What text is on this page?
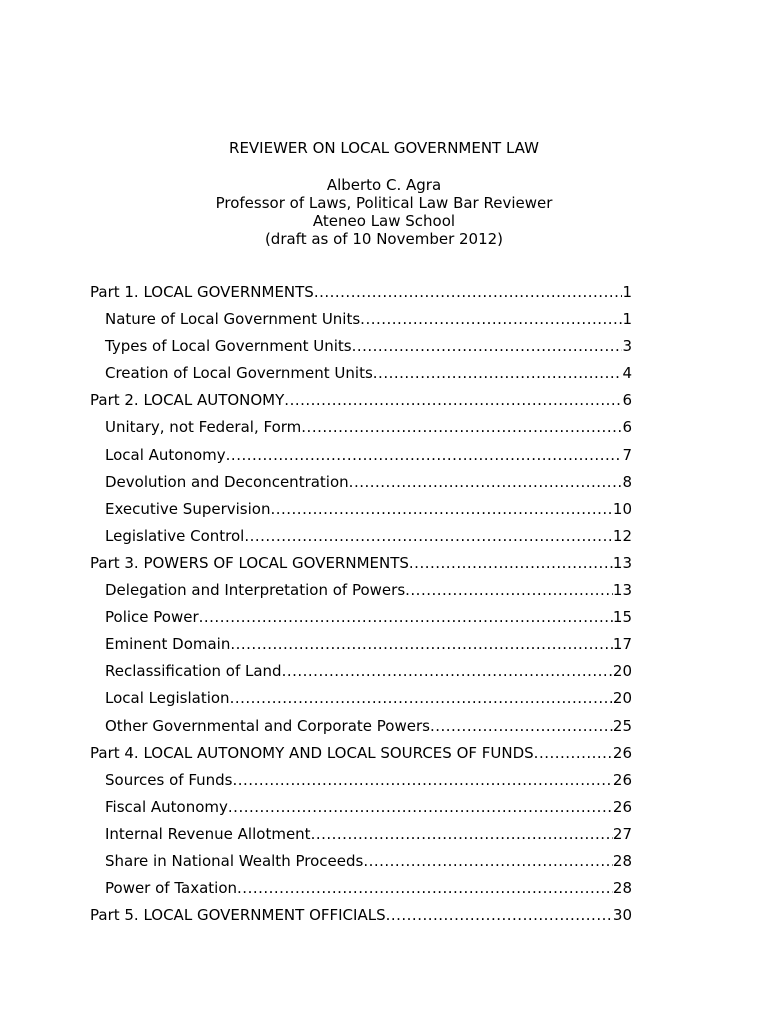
REVIEWER ON LOCAL GOVERNMENT LAW
Alberto C. Agra
Professor of Laws, Political Law Bar Reviewer
Ateneo Law School
(draft as of 10 November 2012)
Part 1. LOCAL GOVERNMENTS .....	1
Nature of Local Government Units .....	1
Types of Local Government Units .....	3
Creation of Local Government Units .....	4
Part 2. LOCAL AUTONOMY .....	6
Unitary, not Federal, Form .....	6
Local Autonomy .....	7
Devolution and Deconcentration .....	8
Executive Supervision .....	10
Legislative Control .....	12
Part 3. POWERS OF LOCAL GOVERNMENTS .....	13
Delegation and Interpretation of Powers .....	13
Police Power .....	15
Eminent Domain .....	17
Reclassification of Land .....	20
Local Legislation .....	20
Other Governmental and Corporate Powers .....	25
Part 4. LOCAL AUTONOMY AND LOCAL SOURCES OF FUNDS .....	26
Sources of Funds .....	26
Fiscal Autonomy .....	26
Internal Revenue Allotment .....	27
Share in National Wealth Proceeds .....	28
Power of Taxation .....	28
Part 5. LOCAL GOVERNMENT OFFICIALS .....	30
